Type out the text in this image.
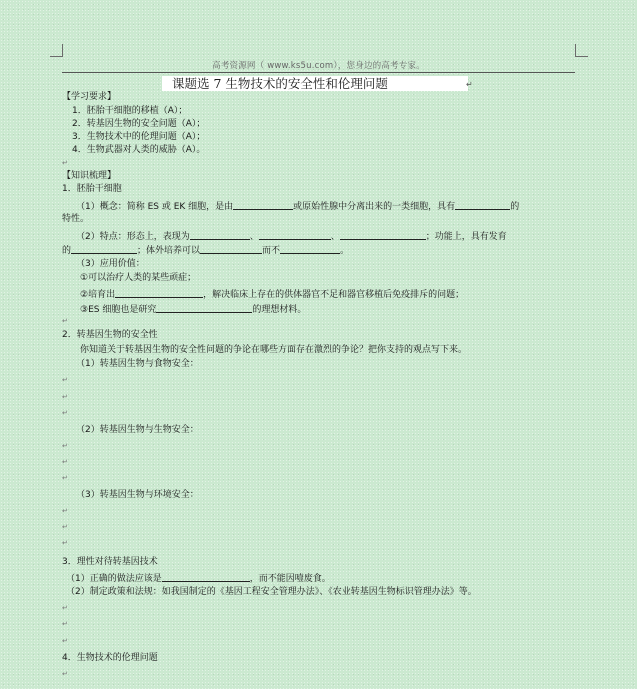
高考资源网（ www.ks5u.com），您身边的高考专家。
课题选 7 生物技术的安全性和伦理问题	↵
【学习要求】
1．胚胎干细胞的移植（A）；
2．转基因生物的安全问题（A）；
3．生物技术中的伦理问题（A）；
4．生物武器对人类的威胁（A）。
【知识梳理】
1．胚胎干细胞
（1）概念：简称 ES 或 EK 细胞，是由	或原始性腺中分离出来的一类细胞，具有	的
特性。
（2）特点：形态上，表现为	、	、	；功能上，具有发育
的	；体外培养可以	而不	。
（3）应用价值：
①可以治疗人类的某些顽症；
②培育出	，解决临床上存在的供体器官不足和器官移植后免疫排斥的问题；
③ES 细胞也是研究	的理想材料。
2．转基因生物的安全性
你知道关于转基因生物的安全性问题的争论在哪些方面存在激烈的争论？把你支持的观点写下来。
（1）转基因生物与食物安全：
（2）转基因生物与生物安全：
（3）转基因生物与环境安全：
3．理性对待转基因技术
（1）正确的做法应该是	，而不能因噎废食。
（2）制定政策和法规：如我国制定的《基因工程安全管理办法》、《农业转基因生物标识管理办法》等。
4．生物技术的伦理问题
↵
↵
↵
↵
↵
↵
↵
↵
↵
↵
↵
↵
↵
↵
↵
